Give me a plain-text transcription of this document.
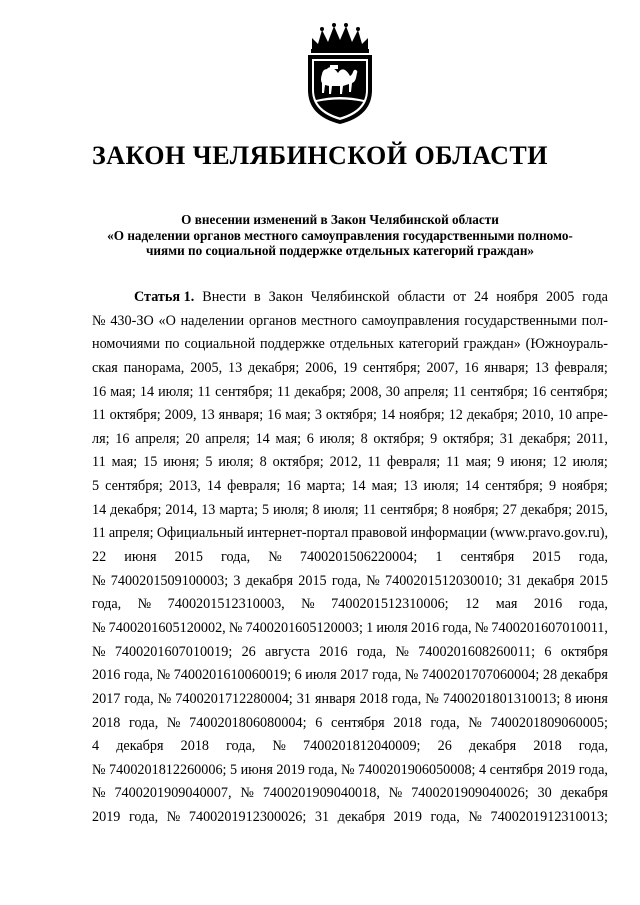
ЗАКОН ЧЕЛЯБИНСКОЙ ОБЛАСТИ
О внесении изменений в Закон Челябинской области
«О наделении органов местного самоуправления государственными полномо-
чиями по социальной поддержке отдельных категорий граждан»
Статья 1. Внести в Закон Челябинской области от 24 ноября 2005 года
№ 430-ЗО «О наделении органов местного самоуправления государственными пол-
номочиями по социальной поддержке отдельных категорий граждан» (Южноураль-
ская панорама, 2005, 13 декабря; 2006, 19 сентября; 2007, 16 января; 13 февраля;
16 мая; 14 июля; 11 сентября; 11 декабря; 2008, 30 апреля; 11 сентября; 16 сентября;
11 октября; 2009, 13 января; 16 мая; 3 октября; 14 ноября; 12 декабря; 2010, 10 апре-
ля; 16 апреля; 20 апреля; 14 мая; 6 июля; 8 октября; 9 октября; 31 декабря; 2011,
11 мая; 15 июня; 5 июля; 8 октября; 2012, 11 февраля; 11 мая; 9 июня; 12 июля;
5 сентября; 2013, 14 февраля; 16 марта; 14 мая; 13 июля; 14 сентября; 9 ноября;
14 декабря; 2014, 13 марта; 5 июля; 8 июля; 11 сентября; 8 ноября; 27 декабря; 2015,
11 апреля; Официальный интернет-портал правовой информации (www.pravo.gov.ru),
22 июня 2015 года, № 7400201506220004; 1 сентября 2015 года,
№ 7400201509100003; 3 декабря 2015 года, № 7400201512030010; 31 декабря 2015
года, № 7400201512310003, № 7400201512310006; 12 мая 2016 года,
№ 7400201605120002, № 7400201605120003; 1 июля 2016 года, № 7400201607010011,
№ 7400201607010019; 26 августа 2016 года, № 7400201608260011; 6 октября
2016 года, № 7400201610060019; 6 июля 2017 года, № 7400201707060004; 28 декабря
2017 года, № 7400201712280004; 31 января 2018 года, № 7400201801310013; 8 июня
2018 года, № 7400201806080004; 6 сентября 2018 года, № 7400201809060005;
4 декабря 2018 года, № 7400201812040009; 26 декабря 2018 года,
№ 7400201812260006; 5 июня 2019 года, № 7400201906050008; 4 сентября 2019 года,
№ 7400201909040007, № 7400201909040018, № 7400201909040026; 30 декабря
2019 года, № 7400201912300026; 31 декабря 2019 года, № 7400201912310013;
